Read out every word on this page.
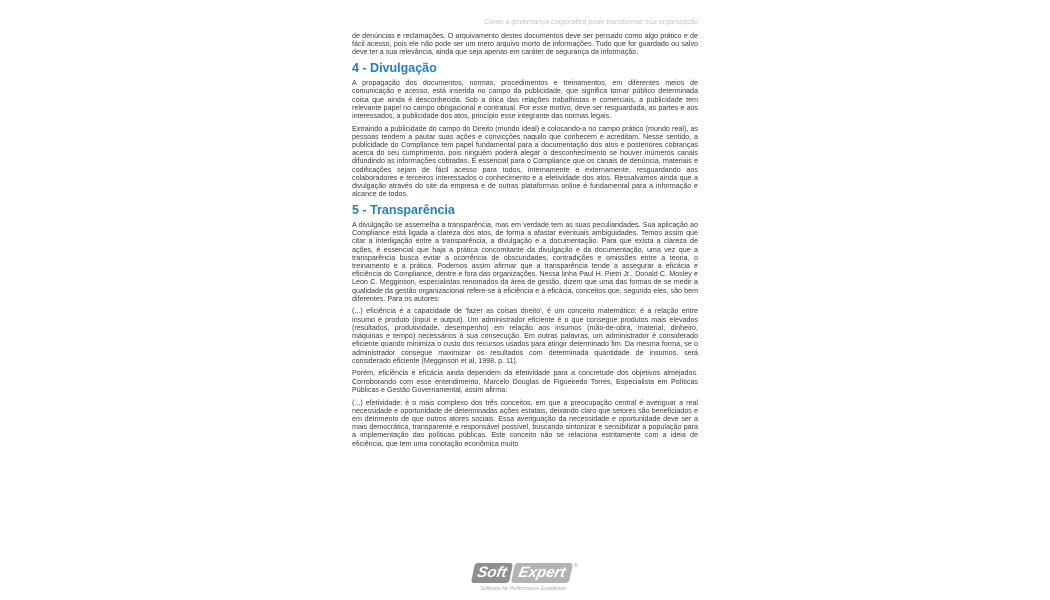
Como a governança corporativa pode transformar sua organização

de denúncias e reclamações. O arquivamento destes documentos deve ser pensado como algo prático e de fácil acesso, pois ele não pode ser um mero arquivo morto de informações. Tudo que for guardado ou salvo deve ter a sua relevância, ainda que seja apenas em caráter de segurança da informação.

4 - Divulgação

A propagação dos documentos, normas, procedimentos e treinamentos, em diferentes meios de comunicação e acesso, está inserida no campo da publicidade, que significa tornar público determinada coisa que ainda é desconhecida. Sob a ótica das relações trabalhistas e comerciais, a publicidade tem relevante papel no campo obrigacional e contratual. Por esse motivo, deve ser resguardada, as partes e aos interessados, a publicidade dos atos, princípio esse integrante das normas legais.

Extraindo a publicidade do campo do Direito (mundo ideal) e colocando-a no campo prático (mundo real), as pessoas tendem a pautar suas ações e convicções naquilo que conhecem e acreditam. Nesse sentido, a publicidade do Compliance tem papel fundamental para a documentação dos atos e posteriores cobranças acerca do seu cumprimento, pois ninguém poderá alegar o desconhecimento se houver inúmeros canais difundindo as informações cobradas. É essencial para o Compliance que os canais de denúncia, materiais e codificações sejam de fácil acesso para todos, internamente e externamente, resguardando aos colaboradores e terceiros interessados o conhecimento e a efetividade dos atos. Ressalvamos ainda que a divulgação através do site da empresa e de outras plataformas online é fundamental para a informação e alcance de todos.

5 - Transparência

A divulgação se assemelha a transparência, mas em verdade tem as suas peculiaridades. Sua aplicação ao Compliance está ligada a clareza dos atos, de forma a afastar eventuais ambiguidades. Temos assim que citar a interligação entre a transparência, a divulgação e a documentação. Para que exista a clareza de ações, é essencial que haja a prática concomitante da divulgação e da documentação, uma vez que a transparência busca evitar a ocorrência de obscuridades, contradições e omissões entre a teoria, o treinamento e a prática. Podemos assim afirmar que a transparência tende a assegurar a eficácia e eficiência do Compliance, dentre e fora das organizações. Nessa linha Paul H. Pietri Jr., Donald C. Mosley e Leon C. Megginson, especialistas renomados da área de gestão, dizem que uma das formas de se medir a qualidade da gestão organizacional refere-se à eficiência e à eficácia, conceitos que, segundo eles, são bem diferentes. Para os autores:

(...) eficiência é a capacidade de 'fazer as coisas direito', é um conceito matemático: é a relação entre insumo e produto (input e output). Um administrador eficiente é o que consegue produtos mais elevados (resultados, produtividade, desempenho) em relação aos insumos (mão-de-obra, material, dinheiro, máquinas e tempo) necessários à sua consecução. Em outras palavras, um administrador é considerado eficiente quando minimiza o custo dos recursos usados para atingir determinado fim. Da mesma forma, se o administrador consegue maximizar os resultados com determinada quantidade de insumos, será considerado eficiente (Megginson et al, 1998, p. 11).

Porém, eficiência e eficácia ainda dependem da efetividade para a concretude dos objetivos almejados. Corroborando com esse entendimento, Marcelo Douglas de Figueiredo Torres, Especialista em Políticas Públicas e Gestão Governamental, assim afirma:

(...) efetividade: é o mais complexo dos três conceitos, em que a preocupação central é averiguar a real necessidade e oportunidade de determinadas ações estatais, deixando claro que setores são beneficiados e em detrimento de que outros atores sociais. Essa averiguação da necessidade e oportunidade deve ser a mais democrática, transparente e responsável possível, buscando sintonizar e sensibilizar a população para a implementação das políticas públicas. Este conceito não se relaciona estritamente com a ideia de eficiência, que tem uma conotação econômica muito

Soft Expert	®
Software for Performance Excellence
